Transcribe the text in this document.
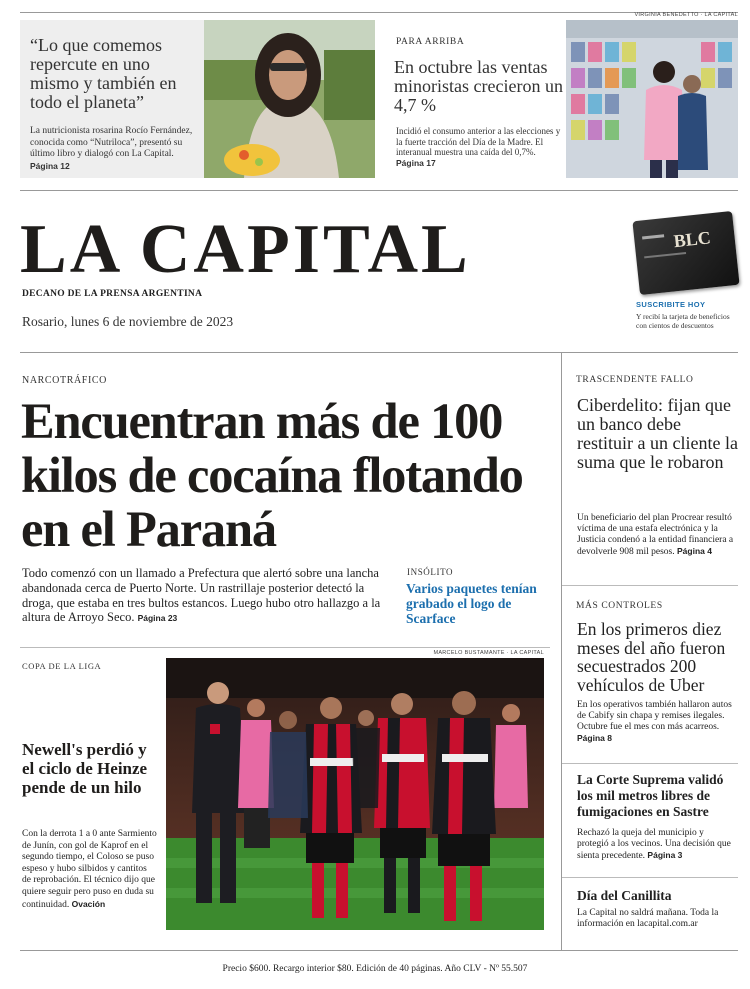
“Lo que comemos repercute en uno mismo y también en todo el planeta”
La nutricionista rosarina Rocío Fernández, conocida como “Nutriloca”, presentó su último libro y dialogó con La Capital. Página 12
PARA ARRIBA
En octubre las ventas minoristas crecieron un 4,7 %
Incidió el consumo anterior a las elecciones y la fuerte tracción del Día de la Madre. El interanual muestra una caída del 0,7%. Página 17
VIRGINIA BENEDETTO · LA CAPITAL
LA CAPITAL
DECANO DE LA PRENSA ARGENTINA
Rosario, lunes 6 de noviembre de 2023
BLC
SUSCRIBITE HOY
Y recibí la tarjeta de beneficios con cientos de descuentos
NARCOTRÁFICO
Encuentran más de 100 kilos de cocaína flotando en el Paraná
Todo comenzó con un llamado a Prefectura que alertó sobre una lancha abandonada cerca de Puerto Norte. Un rastrillaje posterior detectó la droga, que estaba en tres bultos estancos. Luego hubo otro hallazgo a la altura de Arroyo Seco. Página 23
INSÓLITO
Varios paquetes tenían grabado el logo de Scarface
COPA DE LA LIGA
Newell's perdió y el ciclo de Heinze pende de un hilo
Con la derrota 1 a 0 ante Sarmiento de Junín, con gol de Kaprof en el segundo tiempo, el Coloso se puso espeso y hubo silbidos y cantitos de reprobación. El técnico dijo que quiere seguir pero puso en duda su continuidad. Ovación
MARCELO BUSTAMANTE · LA CAPITAL
TRASCENDENTE FALLO
Ciberdelito: fijan que un banco debe restituir a un cliente la suma que le robaron
Un beneficiario del plan Procrear resultó víctima de una estafa electrónica y la Justicia condenó a la entidad financiera a devolverle 908 mil pesos. Página 4
MÁS CONTROLES
En los primeros diez meses del año fueron secuestrados 200 vehículos de Uber
En los operativos también hallaron autos de Cabify sin chapa y remises ilegales. Octubre fue el mes con más acarreos. Página 8
La Corte Suprema validó los mil metros libres de fumigaciones en Sastre
Rechazó la queja del municipio y protegió a los vecinos. Una decisión que sienta precedente. Página 3
Día del Canillita
La Capital no saldrá mañana. Toda la información en lacapital.com.ar
Precio $600. Recargo interior $80. Edición de 40 páginas. Año CLV - Nº 55.507
